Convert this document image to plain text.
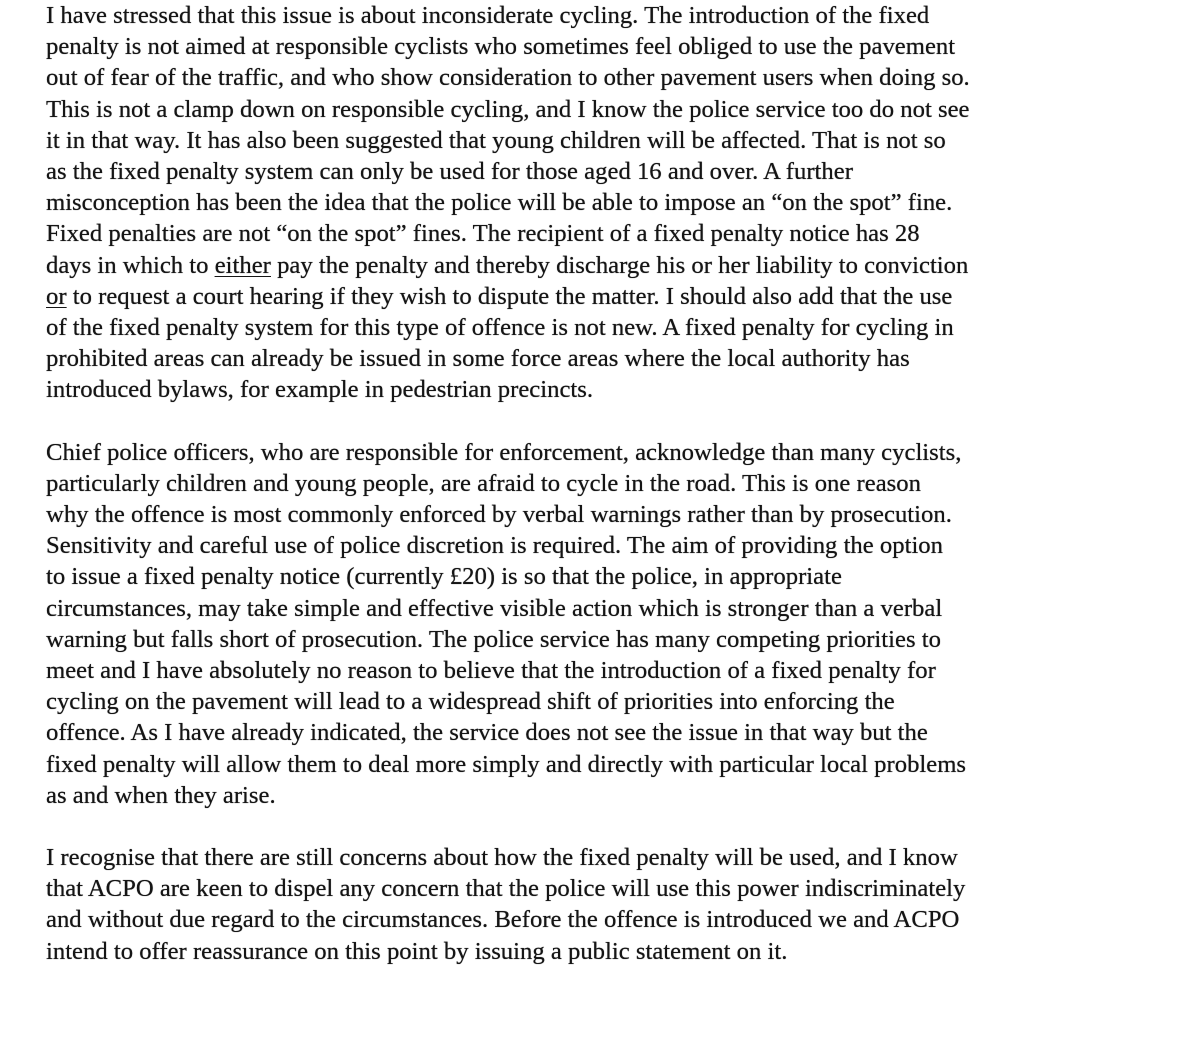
I have stressed that this issue is about inconsiderate cycling. The introduction of the fixed
penalty is not aimed at responsible cyclists who sometimes feel obliged to use the pavement
out of fear of the traffic, and who show consideration to other pavement users when doing so.
This is not a clamp down on responsible cycling, and I know the police service too do not see
it in that way. It has also been suggested that young children will be affected. That is not so
as the fixed penalty system can only be used for those aged 16 and over. A further
misconception has been the idea that the police will be able to impose an “on the spot” fine.
Fixed penalties are not “on the spot” fines. The recipient of a fixed penalty notice has 28
days in which to either pay the penalty and thereby discharge his or her liability to conviction
or to request a court hearing if they wish to dispute the matter. I should also add that the use
of the fixed penalty system for this type of offence is not new. A fixed penalty for cycling in
prohibited areas can already be issued in some force areas where the local authority has
introduced bylaws, for example in pedestrian precincts.
Chief police officers, who are responsible for enforcement, acknowledge than many cyclists,
particularly children and young people, are afraid to cycle in the road. This is one reason
why the offence is most commonly enforced by verbal warnings rather than by prosecution.
Sensitivity and careful use of police discretion is required. The aim of providing the option
to issue a fixed penalty notice (currently £20) is so that the police, in appropriate
circumstances, may take simple and effective visible action which is stronger than a verbal
warning but falls short of prosecution. The police service has many competing priorities to
meet and I have absolutely no reason to believe that the introduction of a fixed penalty for
cycling on the pavement will lead to a widespread shift of priorities into enforcing the
offence. As I have already indicated, the service does not see the issue in that way but the
fixed penalty will allow them to deal more simply and directly with particular local problems
as and when they arise.
I recognise that there are still concerns about how the fixed penalty will be used, and I know
that ACPO are keen to dispel any concern that the police will use this power indiscriminately
and without due regard to the circumstances. Before the offence is introduced we and ACPO
intend to offer reassurance on this point by issuing a public statement on it.
